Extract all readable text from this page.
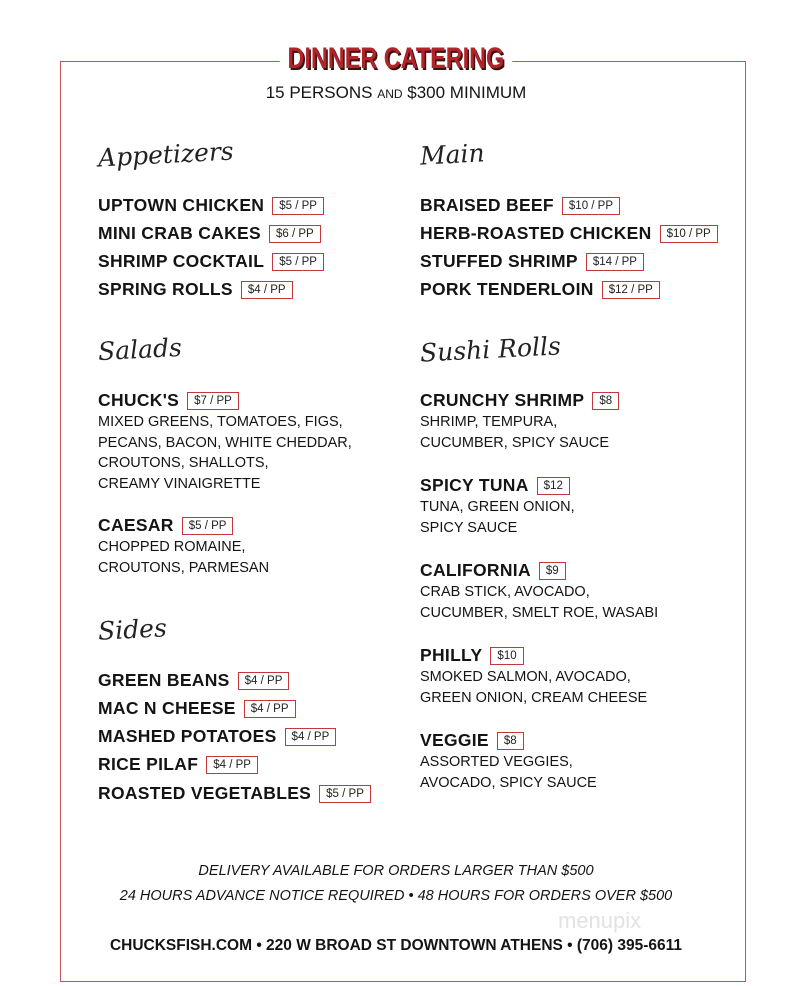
DINNER CATERING
15 PERSONS AND $300 MINIMUM
Appetizers
UPTOWN CHICKEN $5 / PP
MINI CRAB CAKES $6 / PP
SHRIMP COCKTAIL $5 / PP
SPRING ROLLS $4 / PP
Main
BRAISED BEEF $10 / PP
HERB-ROASTED CHICKEN $10 / PP
STUFFED SHRIMP $14 / PP
PORK TENDERLOIN $12 / PP
Salads
CHUCK'S $7 / PP
MIXED GREENS, TOMATOES, FIGS,
PECANS, BACON, WHITE CHEDDAR,
CROUTONS, SHALLOTS,
CREAMY VINAIGRETTE
CAESAR $5 / PP
CHOPPED ROMAINE,
CROUTONS, PARMESAN
Sushi Rolls
CRUNCHY SHRIMP $8
SHRIMP, TEMPURA,
CUCUMBER, SPICY SAUCE
SPICY TUNA $12
TUNA, GREEN ONION,
SPICY SAUCE
CALIFORNIA $9
CRAB STICK, AVOCADO,
CUCUMBER, SMELT ROE, WASABI
PHILLY $10
SMOKED SALMON, AVOCADO,
GREEN ONION, CREAM CHEESE
VEGGIE $8
ASSORTED VEGGIES,
AVOCADO, SPICY SAUCE
Sides
GREEN BEANS $4 / PP
MAC N CHEESE $4 / PP
MASHED POTATOES $4 / PP
RICE PILAF $4 / PP
ROASTED VEGETABLES $5 / PP
DELIVERY AVAILABLE FOR ORDERS LARGER THAN $500
24 HOURS ADVANCE NOTICE REQUIRED • 48 HOURS FOR ORDERS OVER $500
menupix
CHUCKSFISH.COM • 220 W BROAD ST DOWNTOWN ATHENS • (706) 395-6611
